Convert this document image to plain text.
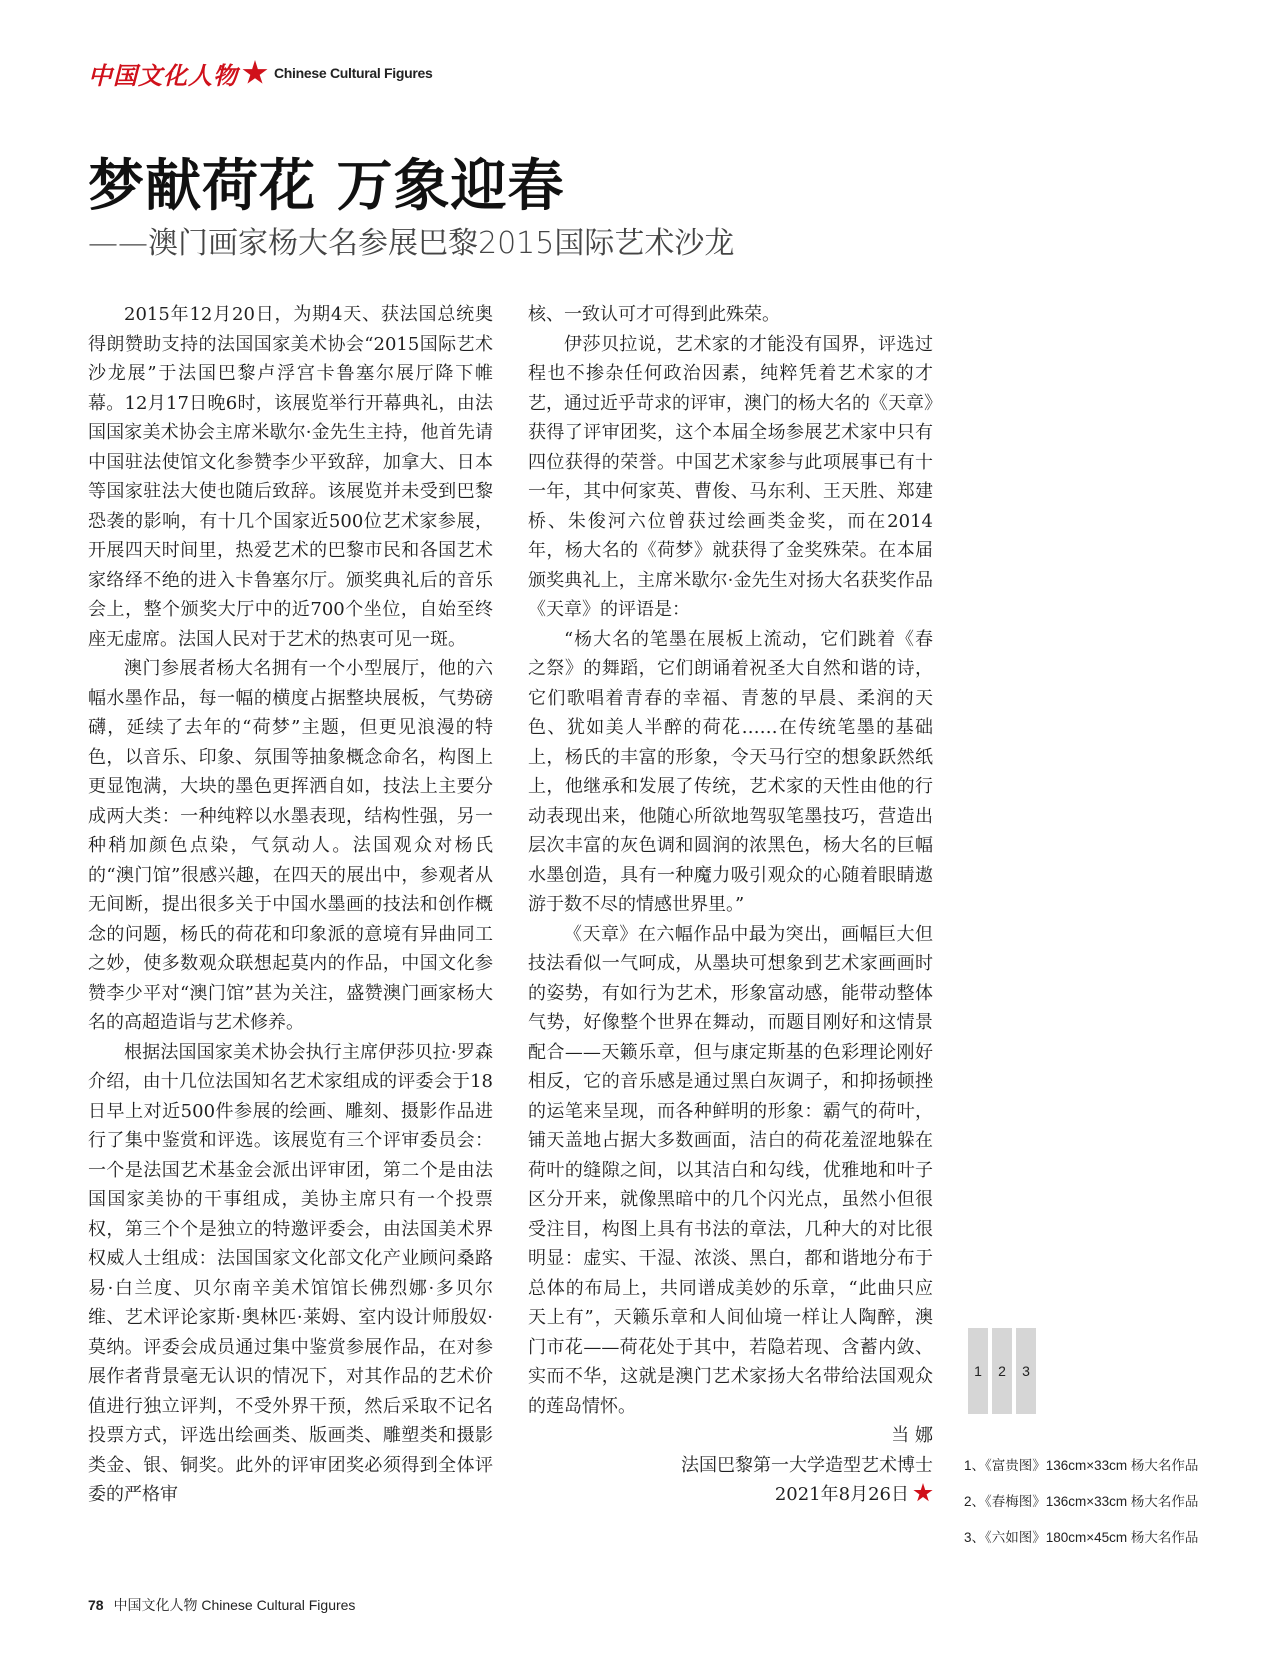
中国文化人物	Chinese Cultural Figures
梦献荷花 万象迎春
——澳门画家杨大名参展巴黎2015国际艺术沙龙

2015年12月20日，为期4天、获法国总统奥得朗赞助支持的法国国家美术协会“2015国际艺术沙龙展”于法国巴黎卢浮宫卡鲁塞尔展厅降下帷幕。12月17日晚6时，该展览举行开幕典礼，由法国国家美术协会主席米歇尔·金先生主持，他首先请中国驻法使馆文化参赞李少平致辞，加拿大、日本等国家驻法大使也随后致辞。该展览并未受到巴黎恐袭的影响，有十几个国家近500位艺术家参展，开展四天时间里，热爱艺术的巴黎市民和各国艺术家络绎不绝的进入卡鲁塞尔厅。颁奖典礼后的音乐会上，整个颁奖大厅中的近700个坐位，自始至终座无虚席。法国人民对于艺术的热衷可见一斑。

澳门参展者杨大名拥有一个小型展厅，他的六幅水墨作品，每一幅的横度占据整块展板，气势磅礴，延续了去年的“荷梦”主题，但更见浪漫的特色，以音乐、印象、氛围等抽象概念命名，构图上更显饱满，大块的墨色更挥洒自如，技法上主要分成两大类：一种纯粹以水墨表现，结构性强，另一种稍加颜色点染，气氛动人。法国观众对杨氏的“澳门馆”很感兴趣，在四天的展出中，参观者从无间断，提出很多关于中国水墨画的技法和创作概念的问题，杨氏的荷花和印象派的意境有异曲同工之妙，使多数观众联想起莫内的作品，中国文化参赞李少平对“澳门馆”甚为关注，盛赞澳门画家杨大名的高超造诣与艺术修养。

根据法国国家美术协会执行主席伊莎贝拉·罗森介绍，由十几位法国知名艺术家组成的评委会于18日早上对近500件参展的绘画、雕刻、摄影作品进行了集中鉴赏和评选。该展览有三个评审委员会：一个是法国艺术基金会派出评审团，第二个是由法国国家美协的干事组成，美协主席只有一个投票权，第三个个是独立的特邀评委会，由法国美术界权威人士组成：法国国家文化部文化产业顾问桑路易·白兰度、贝尔南辛美术馆馆长佛烈娜·多贝尔维、艺术评论家斯·奥林匹·莱姆、室内设计师殷奴·莫纳。评委会成员通过集中鉴赏参展作品，在对参展作者背景毫无认识的情况下，对其作品的艺术价值进行独立评判，不受外界干预，然后采取不记名投票方式，评选出绘画类、版画类、雕塑类和摄影类金、银、铜奖。此外的评审团奖必须得到全体评委的严格审

核、一致认可才可得到此殊荣。

伊莎贝拉说，艺术家的才能没有国界，评选过程也不掺杂任何政治因素，纯粹凭着艺术家的才艺，通过近乎苛求的评审，澳门的杨大名的《天章》获得了评审团奖，这个本届全场参展艺术家中只有四位获得的荣誉。中国艺术家参与此项展事已有十一年，其中何家英、曹俊、马东利、王天胜、郑建桥、朱俊河六位曾获过绘画类金奖，而在2014年，杨大名的《荷梦》就获得了金奖殊荣。在本届颁奖典礼上，主席米歇尔·金先生对扬大名获奖作品《天章》的评语是：

“杨大名的笔墨在展板上流动，它们跳着《春之祭》的舞蹈，它们朗诵着祝圣大自然和谐的诗，它们歌唱着青春的幸福、青葱的早晨、柔润的天色、犹如美人半醉的荷花……在传统笔墨的基础上，杨氏的丰富的形象，令天马行空的想象跃然纸上，他继承和发展了传统，艺术家的天性由他的行动表现出来，他随心所欲地驾驭笔墨技巧，营造出层次丰富的灰色调和圆润的浓黑色，杨大名的巨幅水墨创造，具有一种魔力吸引观众的心随着眼睛遨游于数不尽的情感世界里。”

《天章》在六幅作品中最为突出，画幅巨大但技法看似一气呵成，从墨块可想象到艺术家画画时的姿势，有如行为艺术，形象富动感，能带动整体气势，好像整个世界在舞动，而题目刚好和这情景配合——天籁乐章，但与康定斯基的色彩理论刚好相反，它的音乐感是通过黑白灰调子，和抑扬顿挫的运笔来呈现，而各种鲜明的形象：霸气的荷叶，铺天盖地占据大多数画面，洁白的荷花羞涩地躲在荷叶的缝隙之间，以其洁白和勾线，优雅地和叶子区分开来，就像黑暗中的几个闪光点，虽然小但很受注目，构图上具有书法的章法，几种大的对比很明显：虚实、干湿、浓淡、黑白，都和谐地分布于总体的布局上，共同谱成美妙的乐章，“此曲只应天上有”，天籁乐章和人间仙境一样让人陶醉，澳门市花——荷花处于其中，若隐若现、含蓄内敛、实而不华，这就是澳门艺术家扬大名带给法国观众的莲岛情怀。

当 娜

法国巴黎第一大学造型艺术博士

2021年8月26日

1	2	3
1、《富贵图》136cm×33cm 杨大名作品
2、《春梅图》136cm×33cm 杨大名作品
3、《六如图》180cm×45cm 杨大名作品
78 中国文化人物 Chinese Cultural Figures
